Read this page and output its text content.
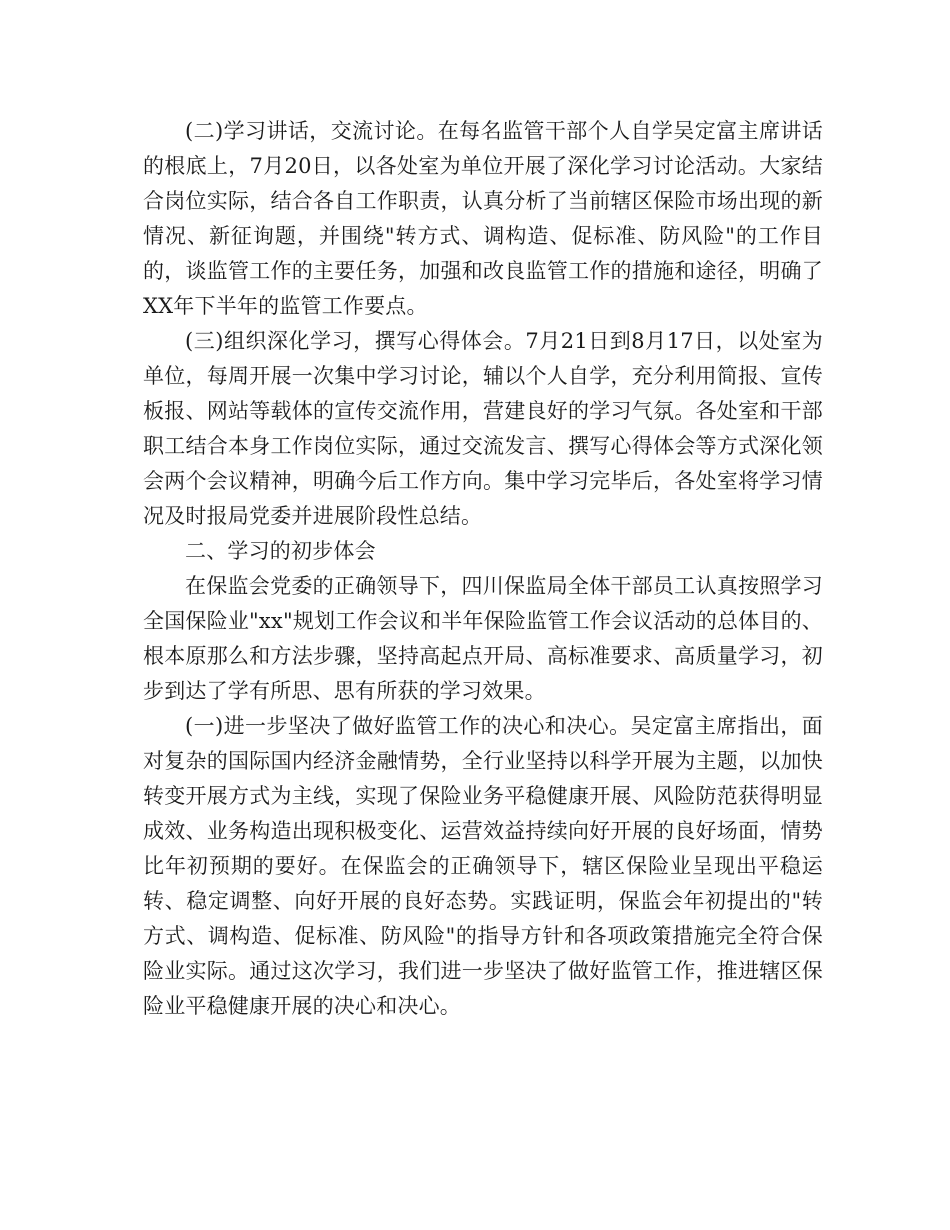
(二)学习讲话，交流讨论。在每名监管干部个人自学吴定富主席讲话的根底上，7月20日，以各处室为单位开展了深化学习讨论活动。大家结合岗位实际，结合各自工作职责，认真分析了当前辖区保险市场出现的新情况、新征询题，并围绕"转方式、调构造、促标准、防风险"的工作目的，谈监管工作的主要任务，加强和改良监管工作的措施和途径，明确了XX年下半年的监管工作要点。

(三)组织深化学习，撰写心得体会。7月21日到8月17日，以处室为单位，每周开展一次集中学习讨论，辅以个人自学，充分利用简报、宣传板报、网站等载体的宣传交流作用，营建良好的学习气氛。各处室和干部职工结合本身工作岗位实际，通过交流发言、撰写心得体会等方式深化领会两个会议精神，明确今后工作方向。集中学习完毕后，各处室将学习情况及时报局党委并进展阶段性总结。

二、学习的初步体会

在保监会党委的正确领导下，四川保监局全体干部员工认真按照学习全国保险业"xx"规划工作会议和半年保险监管工作会议活动的总体目的、根本原那么和方法步骤，坚持高起点开局、高标准要求、高质量学习，初步到达了学有所思、思有所获的学习效果。

(一)进一步坚决了做好监管工作的决心和决心。吴定富主席指出，面对复杂的国际国内经济金融情势，全行业坚持以科学开展为主题，以加快转变开展方式为主线，实现了保险业务平稳健康开展、风险防范获得明显成效、业务构造出现积极变化、运营效益持续向好开展的良好场面，情势比年初预期的要好。在保监会的正确领导下，辖区保险业呈现出平稳运转、稳定调整、向好开展的良好态势。实践证明，保监会年初提出的"转方式、调构造、促标准、防风险"的指导方针和各项政策措施完全符合保险业实际。通过这次学习，我们进一步坚决了做好监管工作，推进辖区保险业平稳健康开展的决心和决心。
